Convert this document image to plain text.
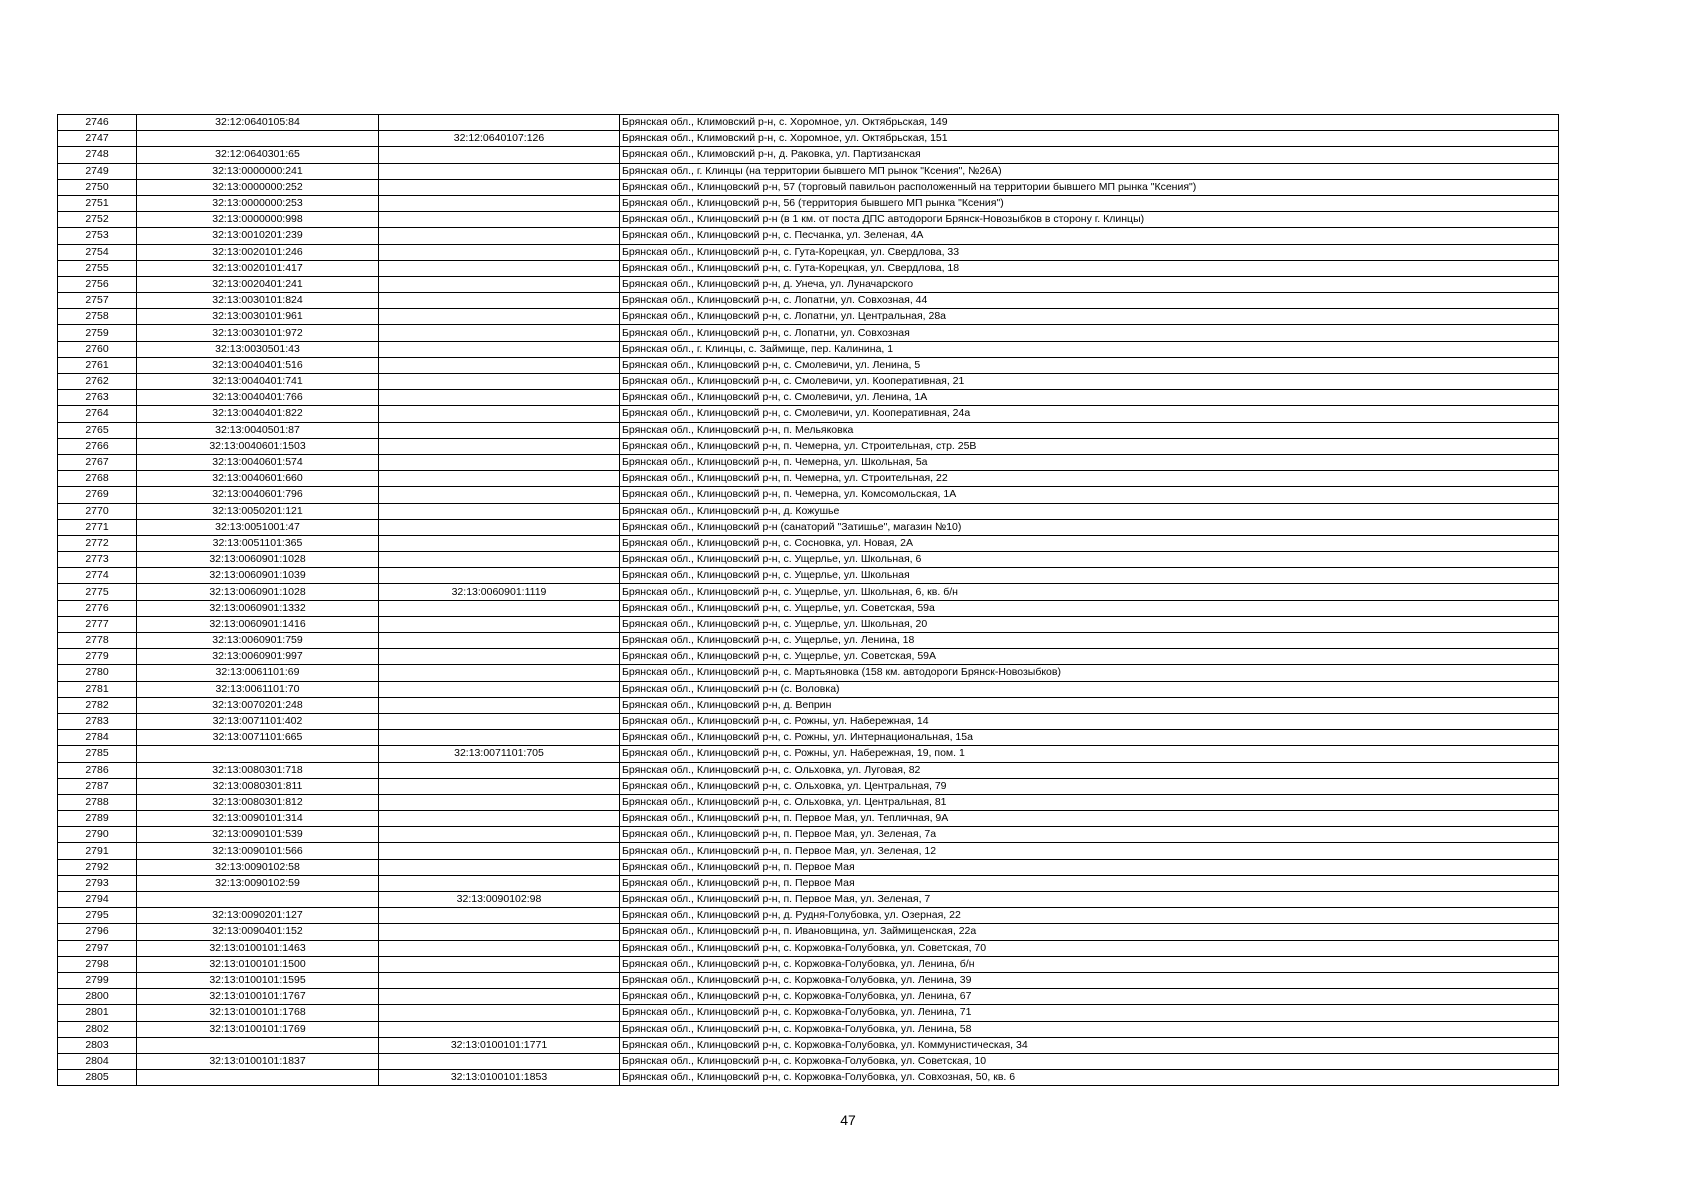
2746	32:12:0640105:84		Брянская обл., Климовский р-н, с. Хоромное, ул. Октябрьская, 149
2747		32:12:0640107:126	Брянская обл., Климовский р-н, с. Хоромное, ул. Октябрьская, 151
2748	32:12:0640301:65		Брянская обл., Климовский р-н, д. Раковка, ул. Партизанская
2749	32:13:0000000:241		Брянская обл., г. Клинцы (на территории бывшего МП рынок "Ксения", №26А)
2750	32:13:0000000:252		Брянская обл., Клинцовский р-н, 57 (торговый павильон расположенный на территории бывшего МП рынка "Ксения")
2751	32:13:0000000:253		Брянская обл., Клинцовский р-н, 56 (территория бывшего МП рынка "Ксения")
2752	32:13:0000000:998		Брянская обл., Клинцовский р-н (в 1 км. от поста ДПС автодороги Брянск-Новозыбков в сторону г. Клинцы)
2753	32:13:0010201:239		Брянская обл., Клинцовский р-н, с. Песчанка, ул. Зеленая, 4А
2754	32:13:0020101:246		Брянская обл., Клинцовский р-н, с. Гута-Корецкая, ул. Свердлова, 33
2755	32:13:0020101:417		Брянская обл., Клинцовский р-н, с. Гута-Корецкая, ул. Свердлова, 18
2756	32:13:0020401:241		Брянская обл., Клинцовский р-н, д. Унеча, ул. Луначарского
2757	32:13:0030101:824		Брянская обл., Клинцовский р-н, с. Лопатни, ул. Совхозная, 44
2758	32:13:0030101:961		Брянская обл., Клинцовский р-н, с. Лопатни, ул. Центральная, 28а
2759	32:13:0030101:972		Брянская обл., Клинцовский р-н, с. Лопатни, ул. Совхозная
2760	32:13:0030501:43		Брянская обл., г. Клинцы, с. Займище, пер. Калинина, 1
2761	32:13:0040401:516		Брянская обл., Клинцовский р-н, с. Смолевичи, ул. Ленина, 5
2762	32:13:0040401:741		Брянская обл., Клинцовский р-н, с. Смолевичи, ул. Кооперативная, 21
2763	32:13:0040401:766		Брянская обл., Клинцовский р-н, с. Смолевичи, ул. Ленина, 1А
2764	32:13:0040401:822		Брянская обл., Клинцовский р-н, с. Смолевичи, ул. Кооперативная, 24а
2765	32:13:0040501:87		Брянская обл., Клинцовский р-н, п. Мельяковка
2766	32:13:0040601:1503		Брянская обл., Клинцовский р-н, п. Чемерна, ул. Строительная, стр. 25В
2767	32:13:0040601:574		Брянская обл., Клинцовский р-н, п. Чемерна, ул. Школьная, 5а
2768	32:13:0040601:660		Брянская обл., Клинцовский р-н, п. Чемерна, ул. Строительная, 22
2769	32:13:0040601:796		Брянская обл., Клинцовский р-н, п. Чемерна, ул. Комсомольская, 1А
2770	32:13:0050201:121		Брянская обл., Клинцовский р-н, д. Кожушье
2771	32:13:0051001:47		Брянская обл., Клинцовский р-н (санаторий "Затишье", магазин №10)
2772	32:13:0051101:365		Брянская обл., Клинцовский р-н, с. Сосновка, ул. Новая, 2А
2773	32:13:0060901:1028		Брянская обл., Клинцовский р-н, с. Ущерлье, ул. Школьная, 6
2774	32:13:0060901:1039		Брянская обл., Клинцовский р-н, с. Ущерлье, ул. Школьная
2775	32:13:0060901:1028	32:13:0060901:1119	Брянская обл., Клинцовский р-н, с. Ущерлье, ул. Школьная, 6, кв. б/н
2776	32:13:0060901:1332		Брянская обл., Клинцовский р-н, с. Ущерлье, ул. Советская, 59а
2777	32:13:0060901:1416		Брянская обл., Клинцовский р-н, с. Ущерлье, ул. Школьная, 20
2778	32:13:0060901:759		Брянская обл., Клинцовский р-н, с. Ущерлье, ул. Ленина, 18
2779	32:13:0060901:997		Брянская обл., Клинцовский р-н, с. Ущерлье, ул. Советская, 59А
2780	32:13:0061101:69		Брянская обл., Клинцовский р-н, с. Мартьяновка (158 км. автодороги Брянск-Новозыбков)
2781	32:13:0061101:70		Брянская обл., Клинцовский р-н (с. Воловка)
2782	32:13:0070201:248		Брянская обл., Клинцовский р-н, д. Веприн
2783	32:13:0071101:402		Брянская обл., Клинцовский р-н, с. Рожны, ул. Набережная, 14
2784	32:13:0071101:665		Брянская обл., Клинцовский р-н, с. Рожны, ул. Интернациональная, 15а
2785		32:13:0071101:705	Брянская обл., Клинцовский р-н, с. Рожны, ул. Набережная, 19, пом. 1
2786	32:13:0080301:718		Брянская обл., Клинцовский р-н, с. Ольховка, ул. Луговая, 82
2787	32:13:0080301:811		Брянская обл., Клинцовский р-н, с. Ольховка, ул. Центральная, 79
2788	32:13:0080301:812		Брянская обл., Клинцовский р-н, с. Ольховка, ул. Центральная, 81
2789	32:13:0090101:314		Брянская обл., Клинцовский р-н, п. Первое Мая, ул. Тепличная, 9А
2790	32:13:0090101:539		Брянская обл., Клинцовский р-н, п. Первое Мая, ул. Зеленая, 7а
2791	32:13:0090101:566		Брянская обл., Клинцовский р-н, п. Первое Мая, ул. Зеленая, 12
2792	32:13:0090102:58		Брянская обл., Клинцовский р-н, п. Первое Мая
2793	32:13:0090102:59		Брянская обл., Клинцовский р-н, п. Первое Мая
2794		32:13:0090102:98	Брянская обл., Клинцовский р-н, п. Первое Мая, ул. Зеленая, 7
2795	32:13:0090201:127		Брянская обл., Клинцовский р-н, д. Рудня-Голубовка, ул. Озерная, 22
2796	32:13:0090401:152		Брянская обл., Клинцовский р-н, п. Ивановщина, ул. Займищенская, 22а
2797	32:13:0100101:1463		Брянская обл., Клинцовский р-н, с. Коржовка-Голубовка, ул. Советская, 70
2798	32:13:0100101:1500		Брянская обл., Клинцовский р-н, с. Коржовка-Голубовка, ул. Ленина, б/н
2799	32:13:0100101:1595		Брянская обл., Клинцовский р-н, с. Коржовка-Голубовка, ул. Ленина, 39
2800	32:13:0100101:1767		Брянская обл., Клинцовский р-н, с. Коржовка-Голубовка, ул. Ленина, 67
2801	32:13:0100101:1768		Брянская обл., Клинцовский р-н, с. Коржовка-Голубовка, ул. Ленина, 71
2802	32:13:0100101:1769		Брянская обл., Клинцовский р-н, с. Коржовка-Голубовка, ул. Ленина, 58
2803		32:13:0100101:1771	Брянская обл., Клинцовский р-н, с. Коржовка-Голубовка, ул. Коммунистическая, 34
2804	32:13:0100101:1837		Брянская обл., Клинцовский р-н, с. Коржовка-Голубовка, ул. Советская, 10
2805		32:13:0100101:1853	Брянская обл., Клинцовский р-н, с. Коржовка-Голубовка, ул. Совхозная, 50, кв. 6
47
